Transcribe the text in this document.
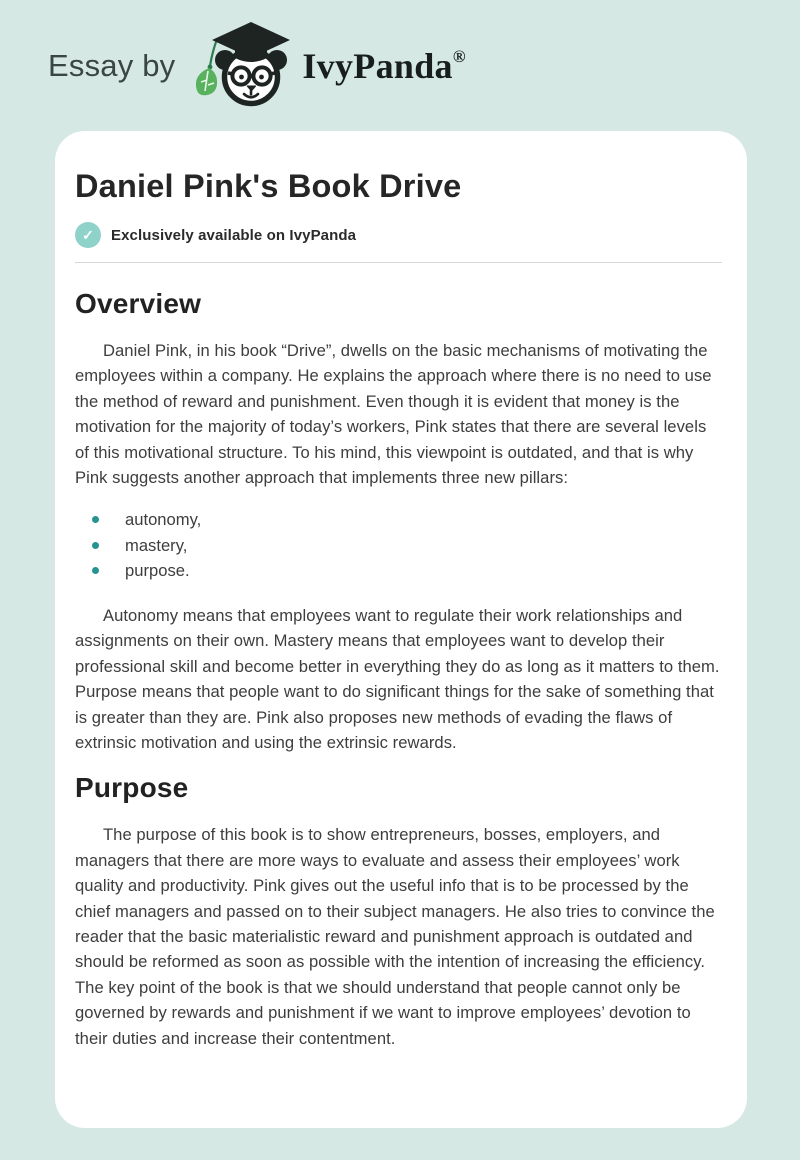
Essay by	IvyPanda®
Daniel Pink's Book Drive
✓	Exclusively available on IvyPanda
Overview

Daniel Pink, in his book “Drive”, dwells on the basic mechanisms of motivating the employees within a company. He explains the approach where there is no need to use the method of reward and punishment. Even though it is evident that money is the motivation for the majority of today’s workers, Pink states that there are several levels of this motivational structure. To his mind, this viewpoint is outdated, and that is why Pink suggests another approach that implements three new pillars:

autonomy,
mastery,
purpose.

Autonomy means that employees want to regulate their work relationships and assignments on their own. Mastery means that employees want to develop their professional skill and become better in everything they do as long as it matters to them. Purpose means that people want to do significant things for the sake of something that is greater than they are. Pink also proposes new methods of evading the flaws of extrinsic motivation and using the extrinsic rewards.

Purpose

The purpose of this book is to show entrepreneurs, bosses, employers, and managers that there are more ways to evaluate and assess their employees’ work quality and productivity. Pink gives out the useful info that is to be processed by the chief managers and passed on to their subject managers. He also tries to convince the reader that the basic materialistic reward and punishment approach is outdated and should be reformed as soon as possible with the intention of increasing the efficiency. The key point of the book is that we should understand that people cannot only be governed by rewards and punishment if we want to improve employees’ devotion to their duties and increase their contentment.
